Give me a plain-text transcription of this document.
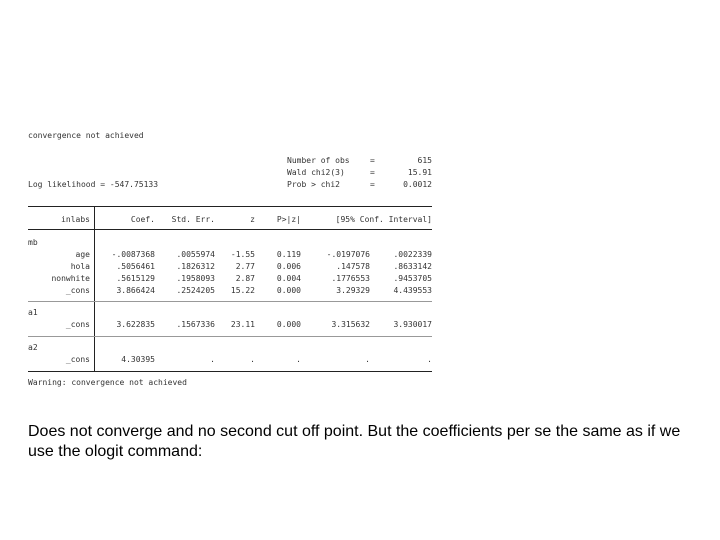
convergence not achieved
Number of obs	=	615
Wald chi2(3)	=	15.91
Log likelihood = -547.75133	Prob > chi2	=	0.0012
inlabs	Coef.	Std. Err.	z	P>|z|	[95% Conf. Interval]
mb
age	-.0087368	.0055974	-1.55	0.119	-.0197076	.0022339
hola	.5056461	.1826312	2.77	0.006	.147578	.8633142
nonwhite	.5615129	.1958093	2.87	0.004	.1776553	.9453705
_cons	3.866424	.2524205	15.22	0.000	3.29329	4.439553
a1
_cons	3.622835	.1567336	23.11	0.000	3.315632	3.930017
a2
_cons	4.30395	.	.	.	.	.
Warning: convergence not achieved
Does not converge and no second cut off point. But the coefficients per se the same as if we use the ologit command:
